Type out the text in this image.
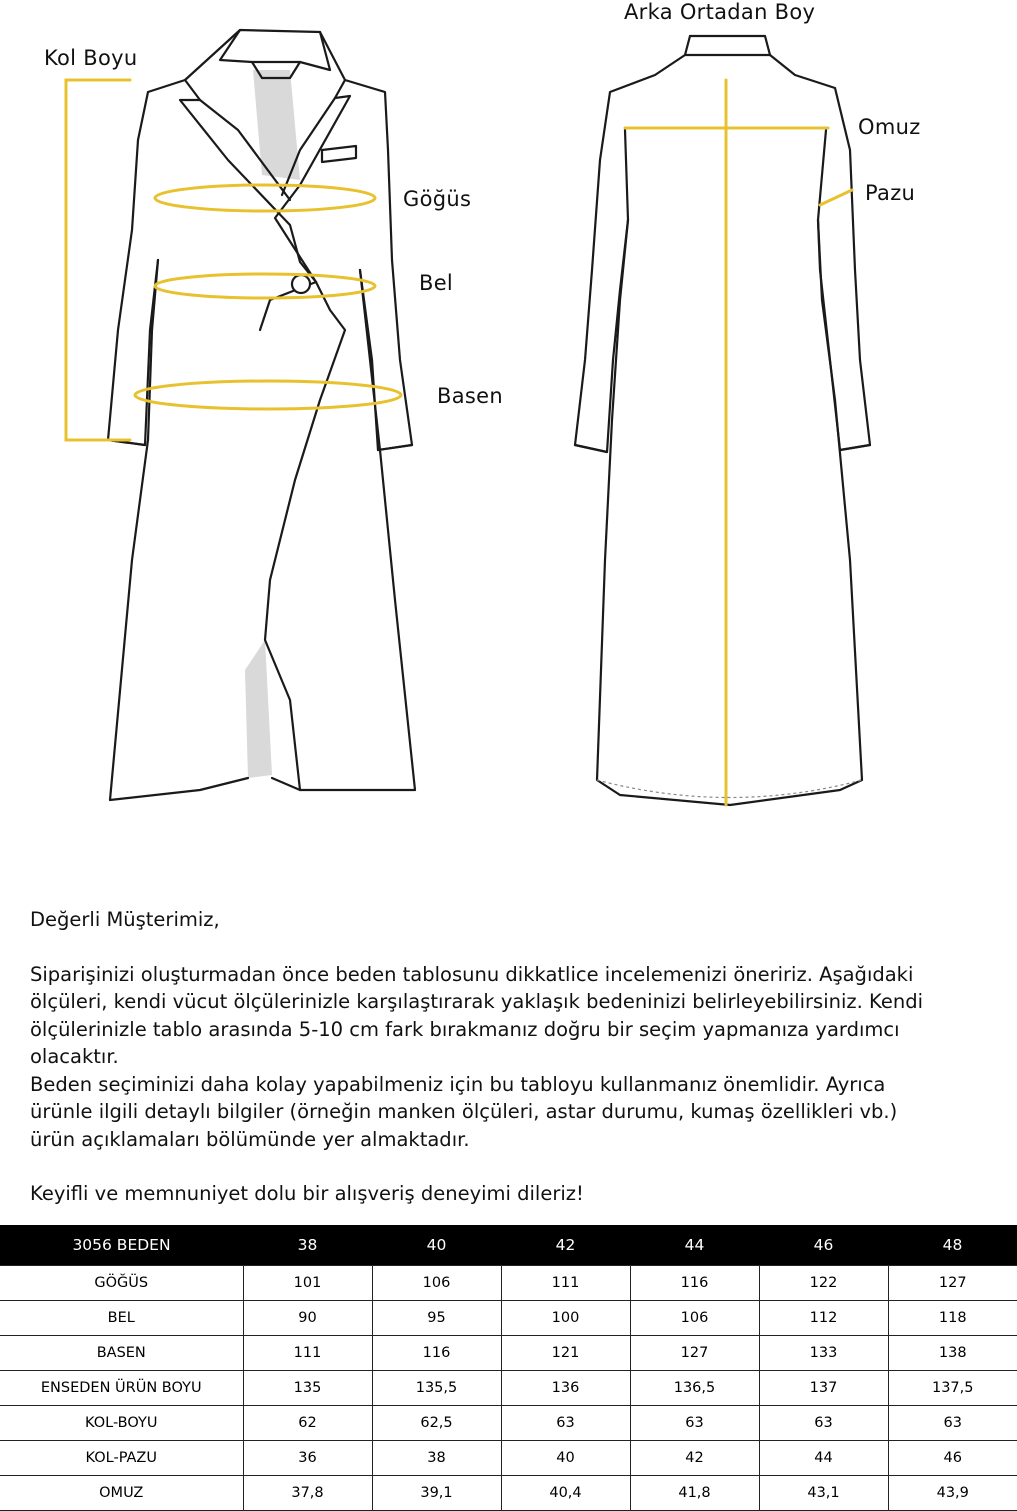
Kol Boyu
Göğüs
Bel
Basen
Arka Ortadan Boy
Omuz
Pazu

Değerli Müşterimiz,

Siparişinizi oluşturmadan önce beden tablosunu dikkatlice incelemenizi öneririz. Aşağıdaki

ölçüleri, kendi vücut ölçülerinizle karşılaştırarak yaklaşık bedeninizi belirleyebilirsiniz. Kendi

ölçülerinizle tablo arasında 5-10 cm fark bırakmanız doğru bir seçim yapmanıza yardımcı

olacaktır.

Beden seçiminizi daha kolay yapabilmeniz için bu tabloyu kullanmanız önemlidir. Ayrıca

ürünle ilgili detaylı bilgiler (örneğin manken ölçüleri, astar durumu, kumaş özellikleri vb.)

ürün açıklamaları bölümünde yer almaktadır.

Keyifli ve memnuniyet dolu bir alışveriş deneyimi dileriz!

3056 BEDEN	38	40	42	44	46	48
GÖĞÜS	101	106	111	116	122	127
BEL	90	95	100	106	112	118
BASEN	111	116	121	127	133	138
ENSEDEN ÜRÜN BOYU	135	135,5	136	136,5	137	137,5
KOL-BOYU	62	62,5	63	63	63	63
KOL-PAZU	36	38	40	42	44	46
OMUZ	37,8	39,1	40,4	41,8	43,1	43,9
